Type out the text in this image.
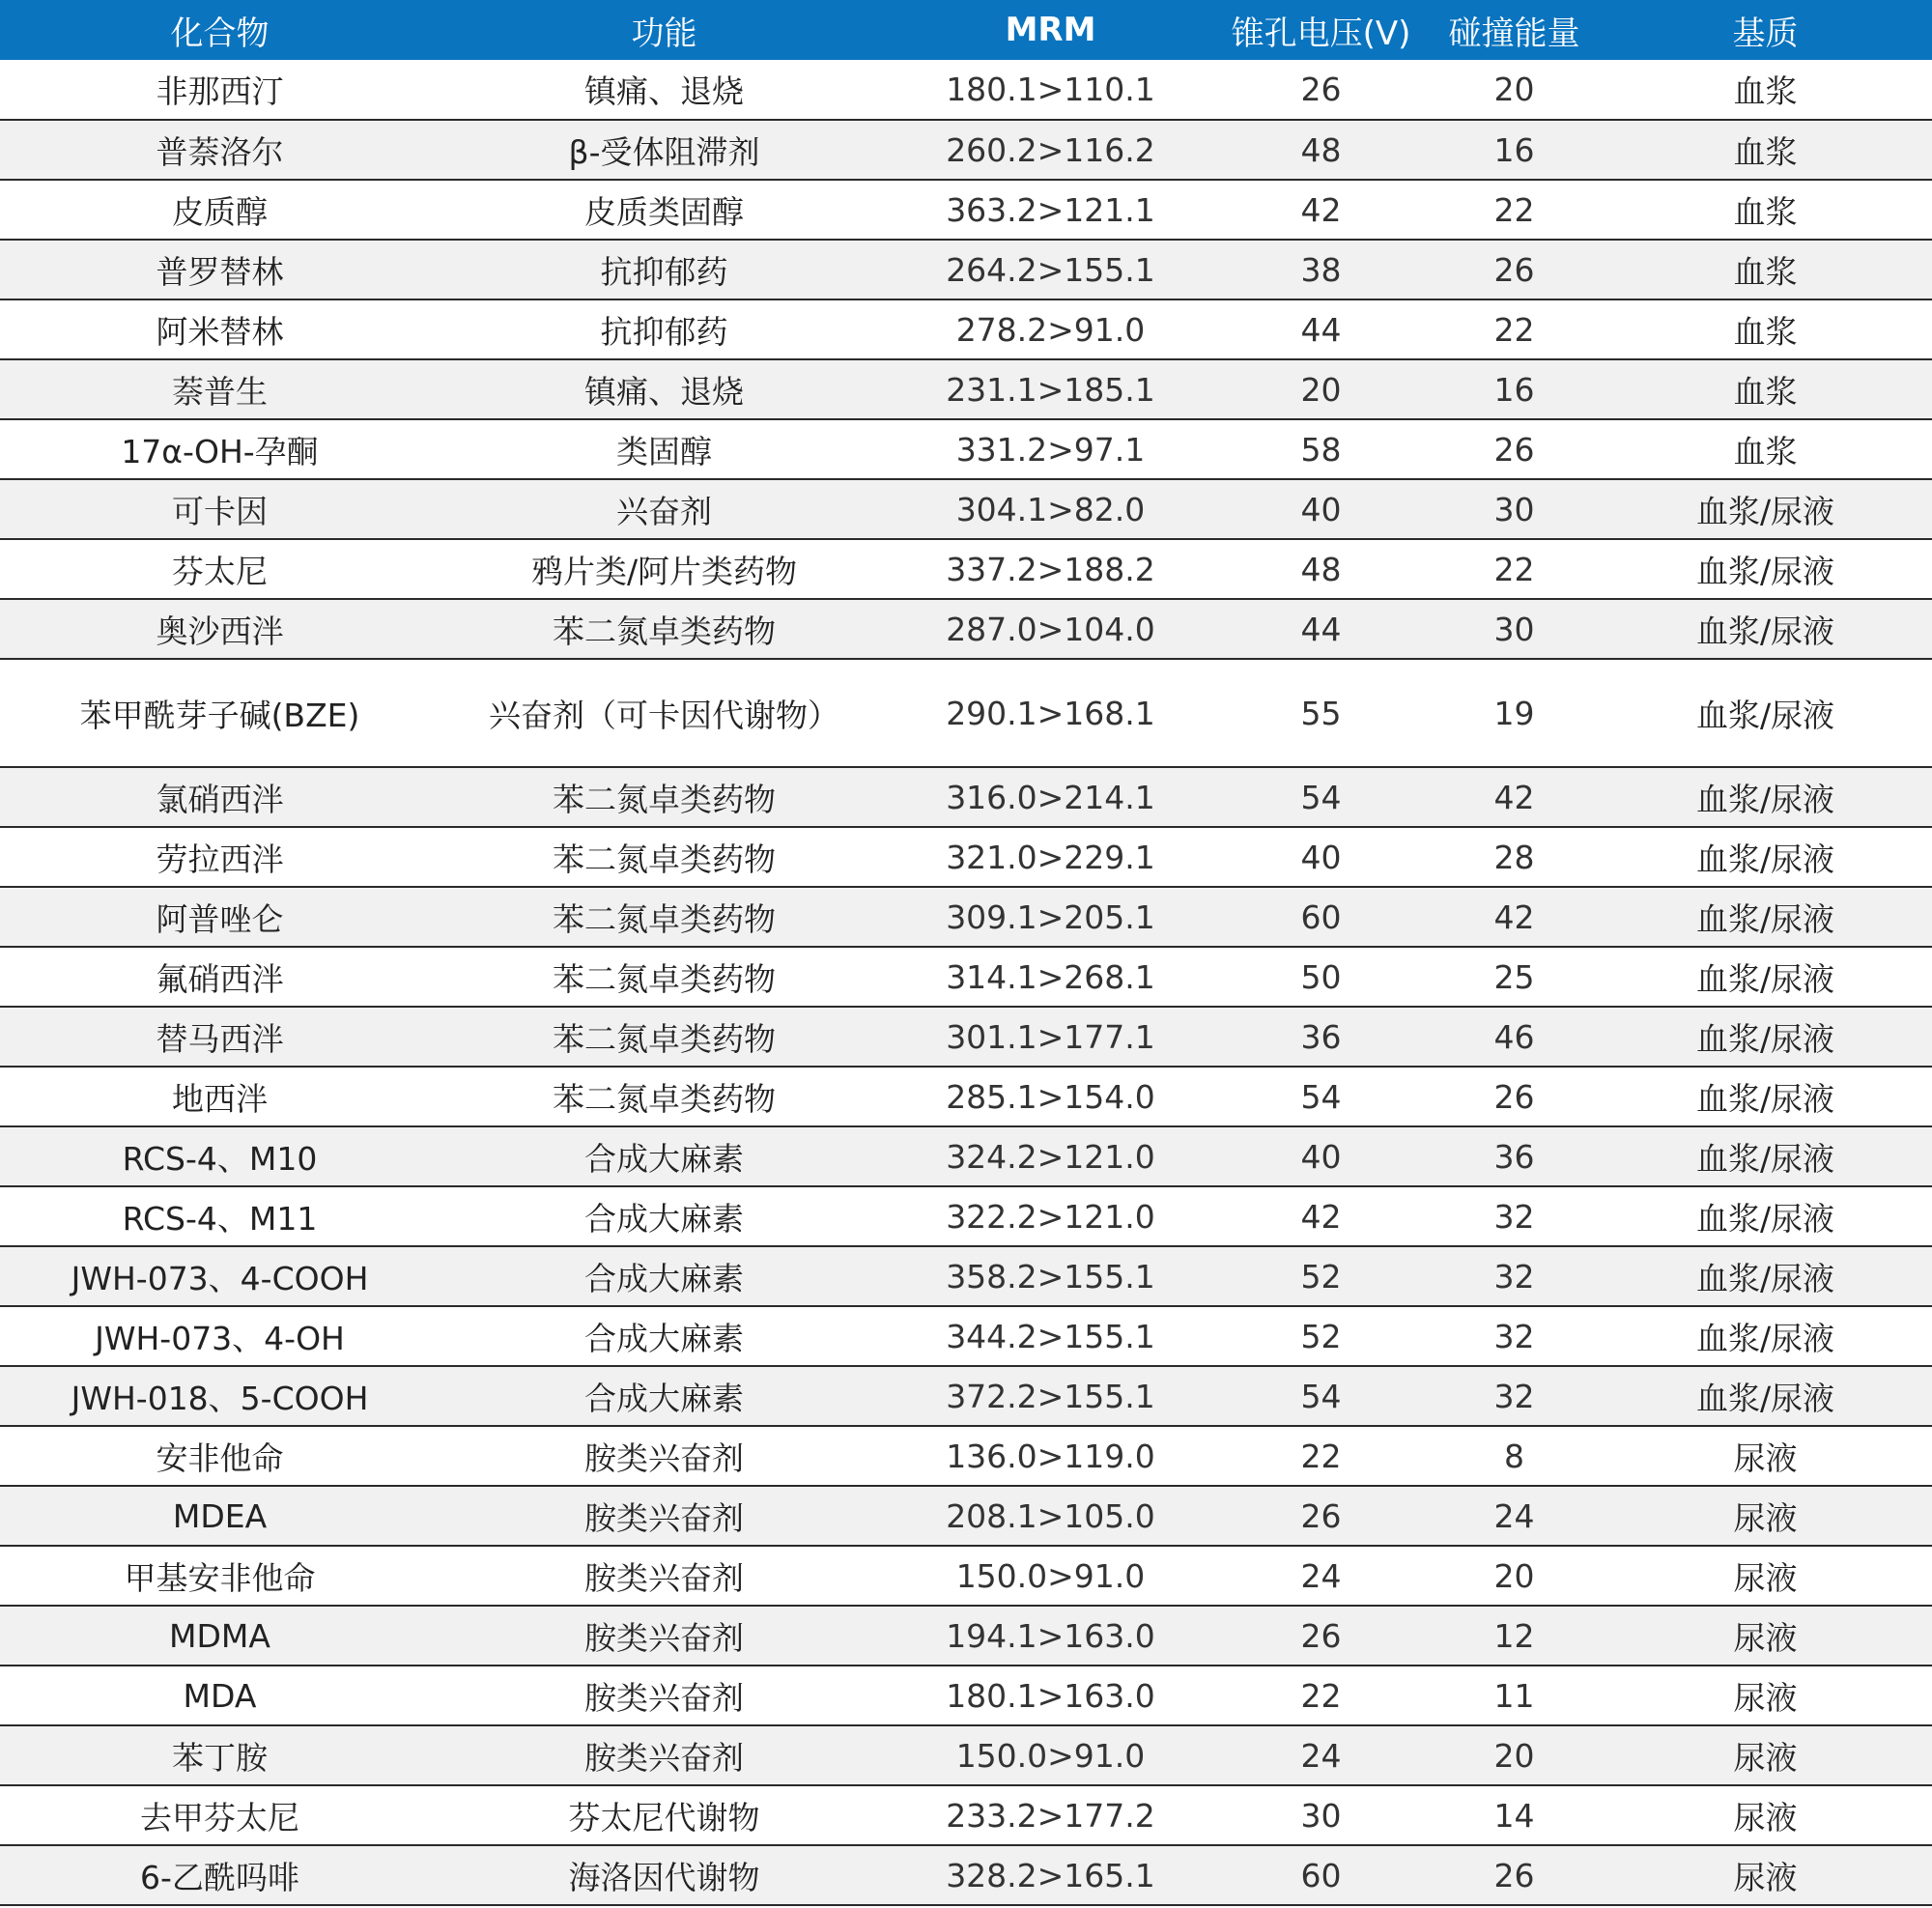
化合物	功能	MRM	锥孔电压(V)	碰撞能量	基质
非那西汀	镇痛、退烧	180.1>110.1	26	20	血浆
普萘洛尔	β-受体阻滞剂	260.2>116.2	48	16	血浆
皮质醇	皮质类固醇	363.2>121.1	42	22	血浆
普罗替林	抗抑郁药	264.2>155.1	38	26	血浆
阿米替林	抗抑郁药	278.2>91.0	44	22	血浆
萘普生	镇痛、退烧	231.1>185.1	20	16	血浆
17α-OH-孕酮	类固醇	331.2>97.1	58	26	血浆
可卡因	兴奋剂	304.1>82.0	40	30	血浆/尿液
芬太尼	鸦片类/阿片类药物	337.2>188.2	48	22	血浆/尿液
奥沙西泮	苯二氮卓类药物	287.0>104.0	44	30	血浆/尿液
苯甲酰芽子碱(BZE)	兴奋剂（可卡因代谢物）	290.1>168.1	55	19	血浆/尿液
氯硝西泮	苯二氮卓类药物	316.0>214.1	54	42	血浆/尿液
劳拉西泮	苯二氮卓类药物	321.0>229.1	40	28	血浆/尿液
阿普唑仑	苯二氮卓类药物	309.1>205.1	60	42	血浆/尿液
氟硝西泮	苯二氮卓类药物	314.1>268.1	50	25	血浆/尿液
替马西泮	苯二氮卓类药物	301.1>177.1	36	46	血浆/尿液
地西泮	苯二氮卓类药物	285.1>154.0	54	26	血浆/尿液
RCS-4、M10	合成大麻素	324.2>121.0	40	36	血浆/尿液
RCS-4、M11	合成大麻素	322.2>121.0	42	32	血浆/尿液
JWH-073、4-COOH	合成大麻素	358.2>155.1	52	32	血浆/尿液
JWH-073、4-OH	合成大麻素	344.2>155.1	52	32	血浆/尿液
JWH-018、5-COOH	合成大麻素	372.2>155.1	54	32	血浆/尿液
安非他命	胺类兴奋剂	136.0>119.0	22	8	尿液
MDEA	胺类兴奋剂	208.1>105.0	26	24	尿液
甲基安非他命	胺类兴奋剂	150.0>91.0	24	20	尿液
MDMA	胺类兴奋剂	194.1>163.0	26	12	尿液
MDA	胺类兴奋剂	180.1>163.0	22	11	尿液
苯丁胺	胺类兴奋剂	150.0>91.0	24	20	尿液
去甲芬太尼	芬太尼代谢物	233.2>177.2	30	14	尿液
6-乙酰吗啡	海洛因代谢物	328.2>165.1	60	26	尿液
